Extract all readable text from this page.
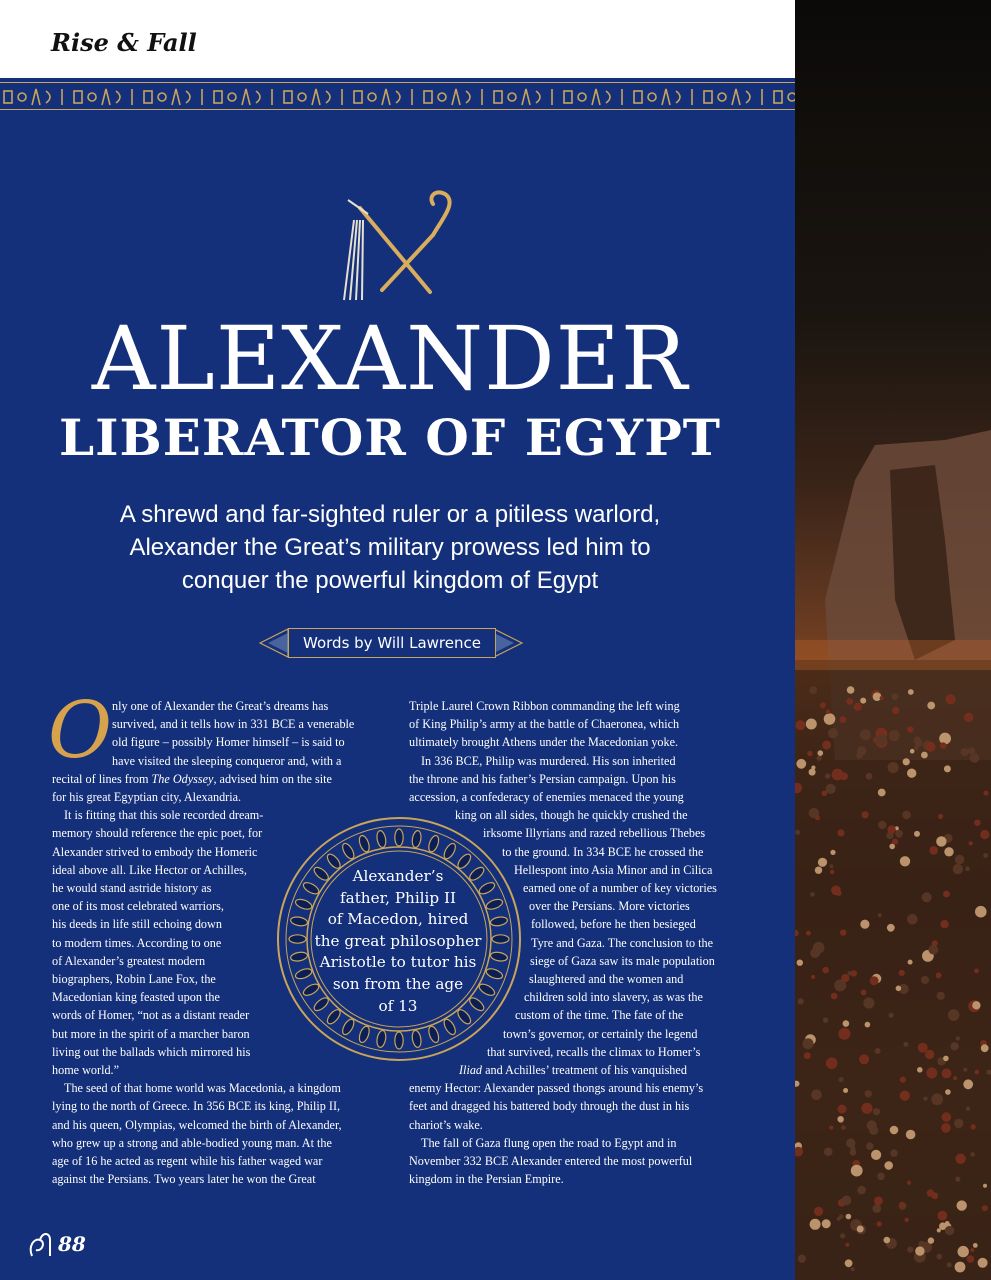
Rise & Fall
ALEXANDER
LIBERATOR OF EGYPT
A shrewd and far-sighted ruler or a pitiless warlord,
Alexander the Great’s military prowess led him to
conquer the powerful kingdom of Egypt
Words by Will Lawrence
O nly one of Alexander the Great’s dreams has

survived, and it tells how in 331 BCE a venerable

old figure – possibly Homer himself – is said to

have visited the sleeping conqueror and, with a

recital of lines from The Odyssey, advised him on the site

for his great Egyptian city, Alexandria.

It is fitting that this sole recorded dream-

memory should reference the epic poet, for

Alexander strived to embody the Homeric

ideal above all. Like Hector or Achilles,

he would stand astride history as

one of its most celebrated warriors,

his deeds in life still echoing down

to modern times. According to one

of Alexander’s greatest modern

biographers, Robin Lane Fox, the

Macedonian king feasted upon the

words of Homer, “not as a distant reader

but more in the spirit of a marcher baron

living out the ballads which mirrored his

home world.”

The seed of that home world was Macedonia, a kingdom

lying to the north of Greece. In 356 BCE its king, Philip II,

and his queen, Olympias, welcomed the birth of Alexander,

who grew up a strong and able-bodied young man. At the

age of 16 he acted as regent while his father waged war

against the Persians. Two years later he won the Great

Triple Laurel Crown Ribbon commanding the left wing

of King Philip’s army at the battle of Chaeronea, which

ultimately brought Athens under the Macedonian yoke.

In 336 BCE, Philip was murdered. His son inherited

the throne and his father’s Persian campaign. Upon his

accession, a confederacy of enemies menaced the young

king on all sides, though he quickly crushed the

irksome Illyrians and razed rebellious Thebes

to the ground. In 334 BCE he crossed the

Hellespont into Asia Minor and in Cilica

earned one of a number of key victories

over the Persians. More victories

followed, before he then besieged

Tyre and Gaza. The conclusion to the

siege of Gaza saw its male population

slaughtered and the women and

children sold into slavery, as was the

custom of the time. The fate of the

town’s governor, or certainly the legend

that survived, recalls the climax to Homer’s

Iliad and Achilles’ treatment of his vanquished

enemy Hector: Alexander passed thongs around his enemy’s

feet and dragged his battered body through the dust in his

chariot’s wake.

The fall of Gaza flung open the road to Egypt and in

November 332 BCE Alexander entered the most powerful

kingdom in the Persian Empire.

Alexander’s
father, Philip II
of Macedon, hired
the great philosopher
Aristotle to tutor his
son from the age
of 13
88
